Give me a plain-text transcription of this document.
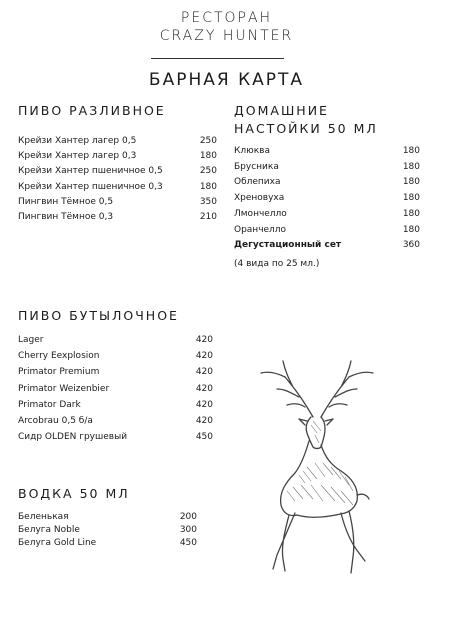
РЕСТОРАН
CRAZY HUNTER
БАРНАЯ КАРТА
ПИВО РАЗЛИВНОЕ
Крейзи Хантер лагер 0,5	250
Крейзи Хантер лагер 0,3	180
Крейзи Хантер пшеничное 0,5	250
Крейзи Хантер пшеничное 0,3	180
Пингвин Тёмное 0,5	350
Пингвин Тёмное 0,3	210
ДОМАШНИЕ
НАСТОЙКИ 50 МЛ
Клюква	180
Брусника	180
Облепиха	180
Хреновуха	180
Лмончелло	180
Оранчелло	180
Дегустационный сет	360
(4 вида по 25 мл.)
ПИВО БУТЫЛОЧНОЕ
Lager	420
Cherry Eexplosion	420
Primator Premium	420
Primator Weizenbier	420
Primator Dark	420
Arcobrau 0,5 б/а	420
Сидр OLDEN грушевый	450
ВОДКА 50 МЛ
Беленькая	200
Белуга Noble	300
Белуга Gold Line	450
